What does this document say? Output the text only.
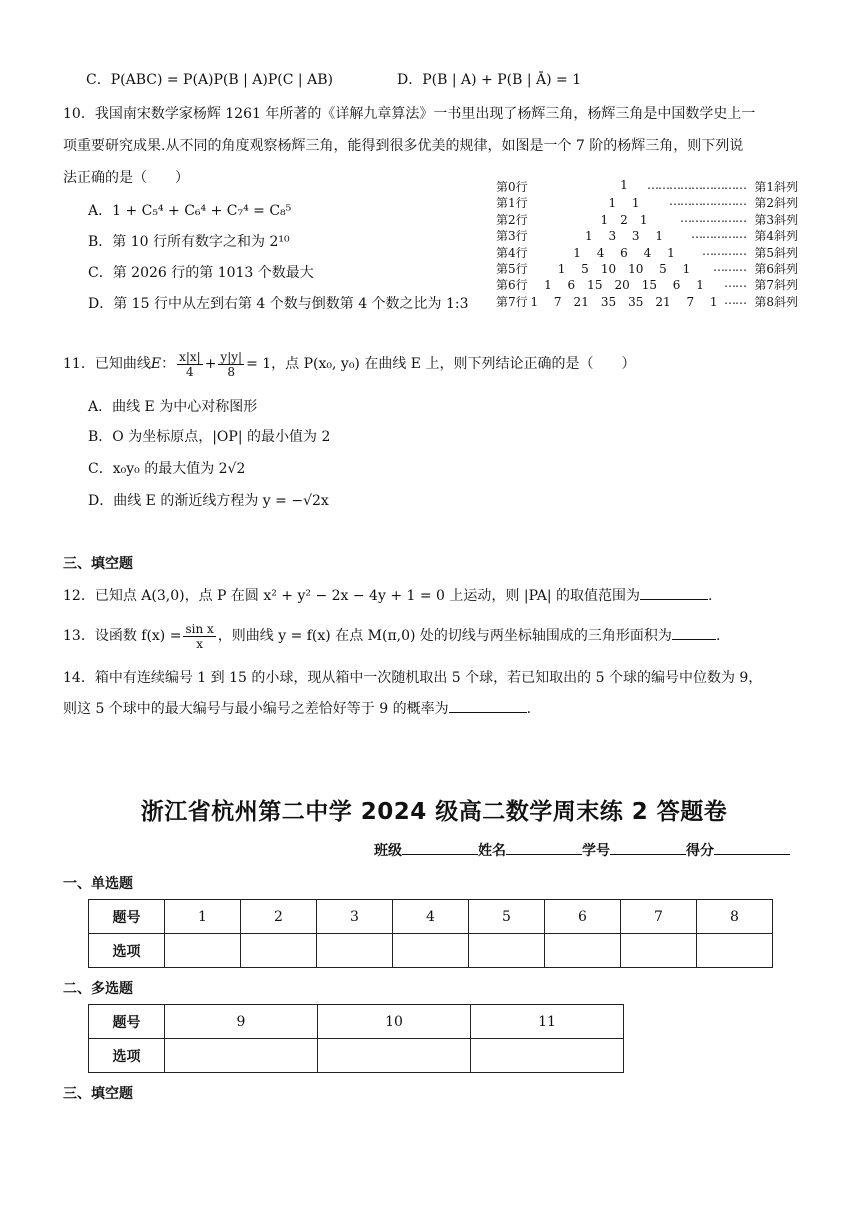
C．P(ABC) = P(A)P(B | A)P(C | AB)	D．P(B | A) + P(B | Ā) = 1
10．我国南宋数学家杨辉 1261 年所著的《详解九章算法》一书里出现了杨辉三角，杨辉三角是中国数学史上一
项重要研究成果.从不同的角度观察杨辉三角，能得到很多优美的规律，如图是一个 7 阶的杨辉三角，则下列说
法正确的是（　　）
A．1 + C₅⁴ + C₆⁴ + C₇⁴ = C₈⁵
B．第 10 行所有数字之和为 2¹⁰
C．第 2026 行的第 1013 个数最大
D．第 15 行中从左到右第 4 个数与倒数第 4 个数之比为 1:3
第0行	1	……………………… 第1斜列
第1行	1　 1	………………… 第2斜列
第2行	1　2　1	……………… 第3斜列
第3行	1　 3　 3　 1	…………… 第4斜列
第4行	1　 4　 6　 4　 1	………… 第5斜列
第5行	1　 5　10　10　 5　 1	……… 第6斜列
第6行	1　 6　15　20　15　 6　 1	…… 第7斜列
第7行 1　 7　21　35　35　21　 7　 1 …… 第8斜列
11．已知曲线E： $\frac{x|x|}{4} + \frac{y|y|}{8} = 1$，点 P(x₀, y₀) 在曲线 E 上，则下列结论正确的是（　　）
A．曲线 E 为中心对称图形
B．O 为坐标原点，|OP| 的最小值为 2
C．x₀y₀ 的最大值为 2√2
D．曲线 E 的渐近线方程为 y = −√2x
三、填空题
12．已知点 A(3,0)，点 P 在圆 x² + y² − 2x − 4y + 1 = 0 上运动，则 |PA| 的取值范围为	.
13．设函数 $f(x) = \frac{\text{sin x}}{x}$ ，则曲线 y = f(x) 在点 M(π,0) 处的切线与两坐标轴围成的三角形面积为	.
14．箱中有连续编号 1 到 15 的小球，现从箱中一次随机取出 5 个球，若已知取出的 5 个球的编号中位数为 9，
则这 5 个球中的最大编号与最小编号之差恰好等于 9 的概率为	.
浙江省杭州第二中学 2024 级高二数学周末练 2 答题卷
班级	姓名	学号	得分
一、单选题
题号	1	2	3	4	5	6	7	8
选项								
二、多选题
题号	9	10	11
选项			
三、填空题
